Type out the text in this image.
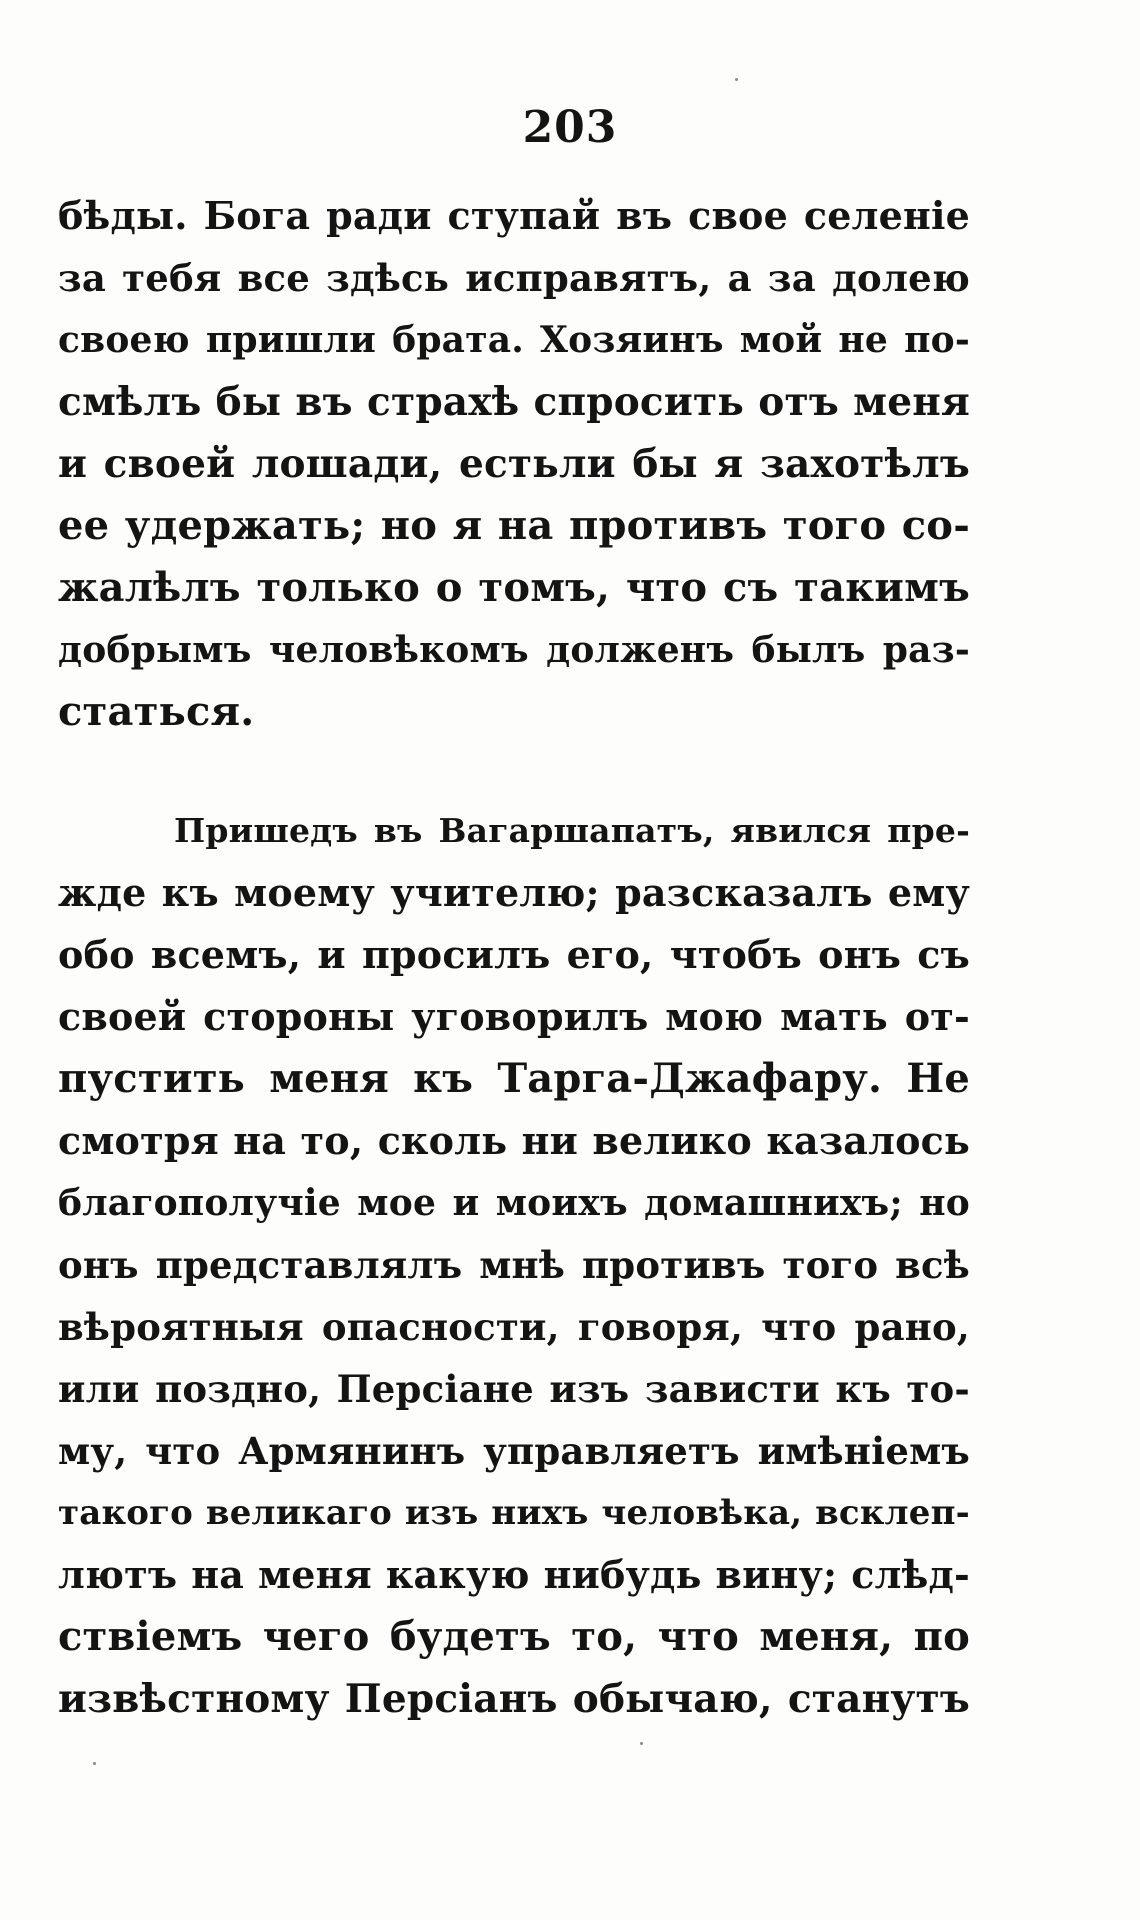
203
бѣды. Бога ради ступай въ свое селеніе
за тебя все здѣсь исправятъ, а за долею
своею пришли брата. Хозяинъ мой не по-
смѣлъ бы въ страхѣ спросить отъ меня
и своей лошади, естьли бы я захотѣлъ
ее удержать; но я на противъ того со-
жалѣлъ только о томъ, что съ такимъ
добрымъ человѣкомъ долженъ былъ раз-
статься.
Пришедъ въ Вагаршапатъ, явился пре-
жде къ моему учителю; разсказалъ ему
обо всемъ, и просилъ его, чтобъ онъ съ
своей стороны уговорилъ мою мать от-
пустить меня къ Тарга-Джафару. Не
смотря на то, сколь ни велико казалось
благополучіе мое и моихъ домашнихъ; но
онъ представлялъ мнѣ противъ того всѣ
вѣроятныя опасности, говоря, что рано,
или поздно, Персіане изъ зависти къ то-
му, что Армянинъ управляетъ имѣніемъ
такого великаго изъ нихъ человѣка, всклеп-
лютъ на меня какую нибудь вину; слѣд-
ствіемъ чего будетъ то, что меня, по
извѣстному Персіанъ обычаю, станутъ
